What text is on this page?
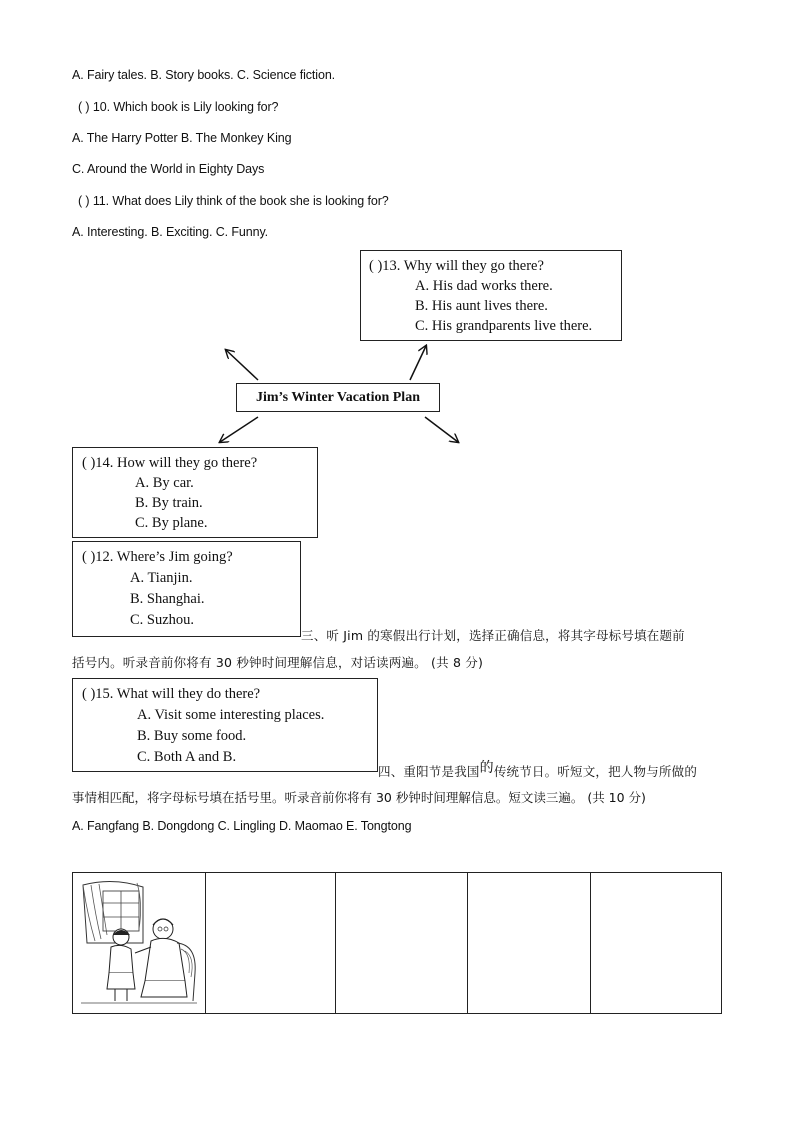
A. Fairy tales. B. Story books. C. Science fiction.
( ) 10. Which book is Lily looking for?
A. The Harry Potter B. The Monkey King
C. Around the World in Eighty Days
( ) 11. What does Lily think of the book she is looking for?
A. Interesting. B. Exciting. C. Funny.
( )13. Why will they go there?
A. His dad works there.
B. His aunt lives there.
C. His grandparents live there.
Jim’s Winter Vacation Plan
( )14. How will they go there?
A. By car.
B. By train.
C. By plane.
( )12. Where’s Jim going?
A. Tianjin.
B. Shanghai.
C. Suzhou.
三、听 Jim 的寒假出行计划，选择正确信息，将其字母标号填在题前
括号内。听录音前你将有 30 秒钟时间理解信息，对话读两遍。 (共 8 分)
( )15. What will they do there?
A. Visit some interesting places.
B. Buy some food.
C. Both A and B.
四、重阳节是我国的传统节日。听短文，把人物与所做的
事情相匹配，将字母标号填在括号里。听录音前你将有 30 秒钟时间理解信息。短文读三遍。 (共 10 分)
A. Fangfang B. Dongdong C. Lingling D. Maomao E. Tongtong
